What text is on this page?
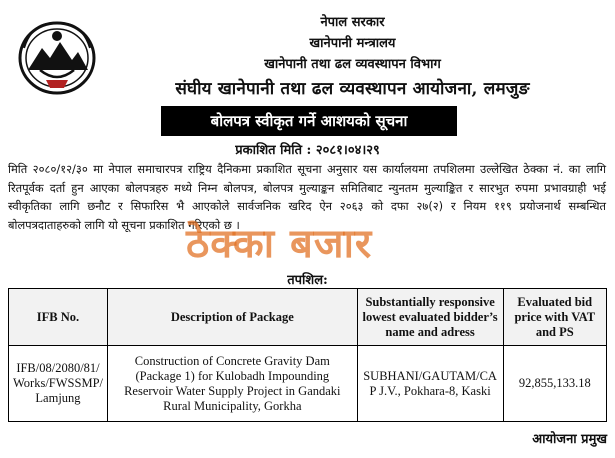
नेपाल सरकार
खानेपानी मन्त्रालय
खानेपानी तथा ढल व्यवस्थापन विभाग
संघीय खानेपानी तथा ढल व्यवस्थापन आयोजना, लमजुङ
बोलपत्र स्वीकृत गर्ने आशयको सूचना
प्रकाशित मिति : २०८१।०४।२९
मिति २०८०/१२/३० मा नेपाल समाचारपत्र राष्ट्रिय दैनिकमा प्रकाशित सूचना अनुसार यस कार्यालयमा तपशिलमा उल्लेखित ठेक्का नं. का लागि रितपूर्वक दर्ता हुन आएका बोलपत्रहरु मध्ये निम्न बोलपत्र, बोलपत्र मुल्याङ्कन समितिबाट न्युनतम मुल्याङ्कित र सारभुत रुपमा प्रभावग्राही भई स्वीकृतिका लागि छनौट र सिफारिस भै आएकोले सार्वजनिक खरिद ऐन २०६३ को दफा २७(२) र नियम ११९ प्रयोजनार्थ सम्बन्धित बोलपत्रदाताहरुको लागि यो सूचना प्रकाशित गरिएको छ ।
ठेक्का बजार
तपशिल:
IFB No.	Description of Package	Substantially responsive lowest evaluated bidder’s name and adress	Evaluated bid price with VAT and PS
IFB/08/2080/81/ Works/FWSSMP/ Lamjung	Construction of Concrete Gravity Dam (Package 1) for Kulobadh Impounding Reservoir Water Supply Project in Gandaki Rural Municipality, Gorkha	SUBHANI/GAUTAM/CA P J.V., Pokhara-8, Kaski	92,855,133.18
आयोजना प्रमुख
